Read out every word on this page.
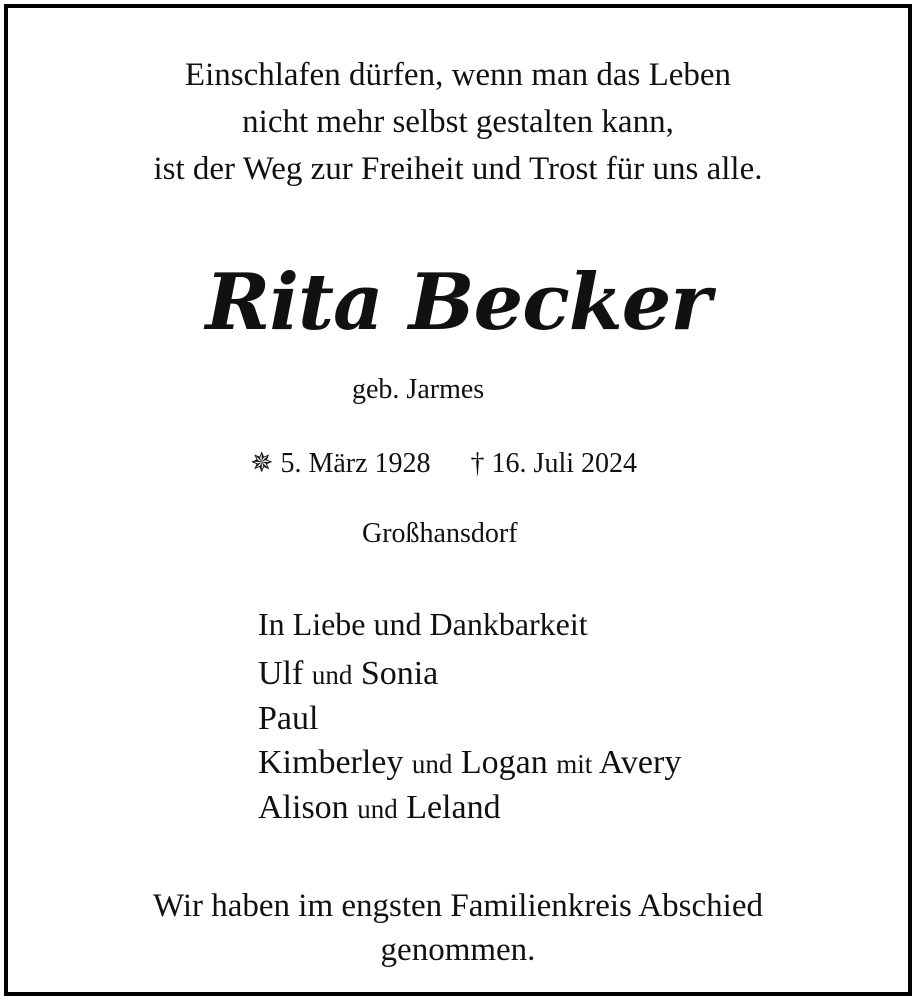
Einschlafen dürfen, wenn man das Leben
nicht mehr selbst gestalten kann,
ist der Weg zur Freiheit und Trost für uns alle.
Rita Becker
geb. Jarmes
✵ 5. März 1928 † 16. Juli 2024
Großhansdorf
In Liebe und Dankbarkeit
Ulf und Sonia
Paul
Kimberley und Logan mit Avery
Alison und Leland
Wir haben im engsten Familienkreis Abschied
genommen.
